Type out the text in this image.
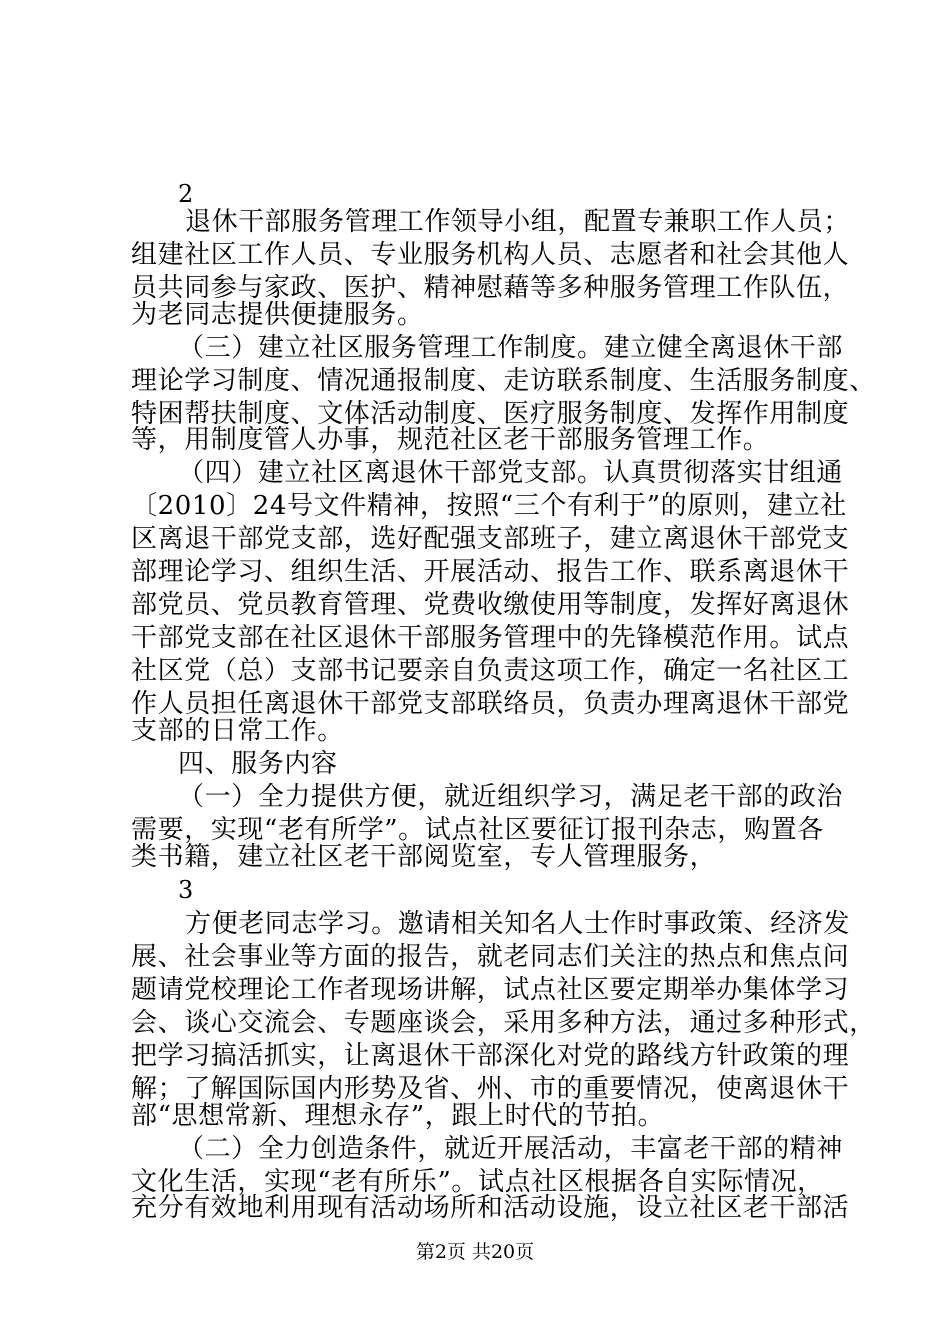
2
退休干部服务管理工作领导小组，配置专兼职工作人员；
组建社区工作人员、专业服务机构人员、志愿者和社会其他人
员共同参与家政、医护、精神慰藉等多种服务管理工作队伍，
为老同志提供便捷服务。
（三）建立社区服务管理工作制度。建立健全离退休干部
理论学习制度、情况通报制度、走访联系制度、生活服务制度、
特困帮扶制度、文体活动制度、医疗服务制度、发挥作用制度
等，用制度管人办事，规范社区老干部服务管理工作。
（四）建立社区离退休干部党支部。认真贯彻落实甘组通
〔2010〕24号文件精神，按照“三个有利于”的原则，建立社
区离退干部党支部，选好配强支部班子，建立离退休干部党支
部理论学习、组织生活、开展活动、报告工作、联系离退休干
部党员、党员教育管理、党费收缴使用等制度，发挥好离退休
干部党支部在社区退休干部服务管理中的先锋模范作用。试点
社区党（总）支部书记要亲自负责这项工作，确定一名社区工
作人员担任离退休干部党支部联络员，负责办理离退休干部党
支部的日常工作。
四、服务内容
（一）全力提供方便，就近组织学习，满足老干部的政治
需要，实现“老有所学”。试点社区要征订报刊杂志，购置各
类书籍，建立社区老干部阅览室，专人管理服务，
3
方便老同志学习。邀请相关知名人士作时事政策、经济发
展、社会事业等方面的报告，就老同志们关注的热点和焦点问
题请党校理论工作者现场讲解，试点社区要定期举办集体学习
会、谈心交流会、专题座谈会，采用多种方法，通过多种形式，
把学习搞活抓实，让离退休干部深化对党的路线方针政策的理
解；了解国际国内形势及省、州、市的重要情况，使离退休干
部“思想常新、理想永存”，跟上时代的节拍。
（二）全力创造条件，就近开展活动，丰富老干部的精神
文化生活，实现“老有所乐”。试点社区根据各自实际情况，
充分有效地利用现有活动场所和活动设施，设立社区老干部活
第2页 共20页
